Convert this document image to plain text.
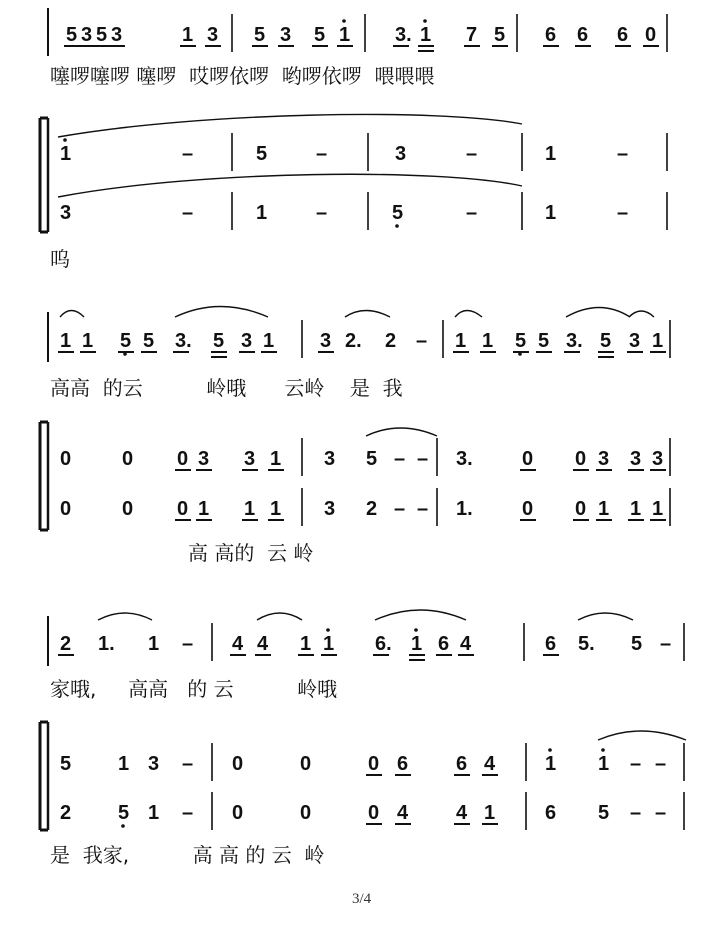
5 3 5 3	1 3 5 3 5 1 3. 1 7 5 6 6 6 0
噻啰噻啰 噻啰  哎啰依啰  哟啰依啰  喂喂喂
1	–	5 –	3	–	1	–
3	–	1 –	5	–	1	–
呜
1 1 5 5 3. 5 3 1 3 2. 2 – 1 1 5 5 3. 5 3 1
高高  的云          岭哦      云岭    是  我
0	0 0 3 3 1 3 5 – – 3. 0 0 3 3 3
0	0 0 1 1 1 3 2 – – 1. 0 0 1 1 1
高 高的  云 岭
2 1. 1 – 4 4 1 1 6. 1 6 4	6 5. 5 –
家哦,     高高   的 云          岭哦
5 1 3 – 0	0	0 6 6 4 1 1 – –
2 5 1 – 0	0	0 4 4 1 6 5 – –
是  我家,          高 高 的 云  岭
3/4
